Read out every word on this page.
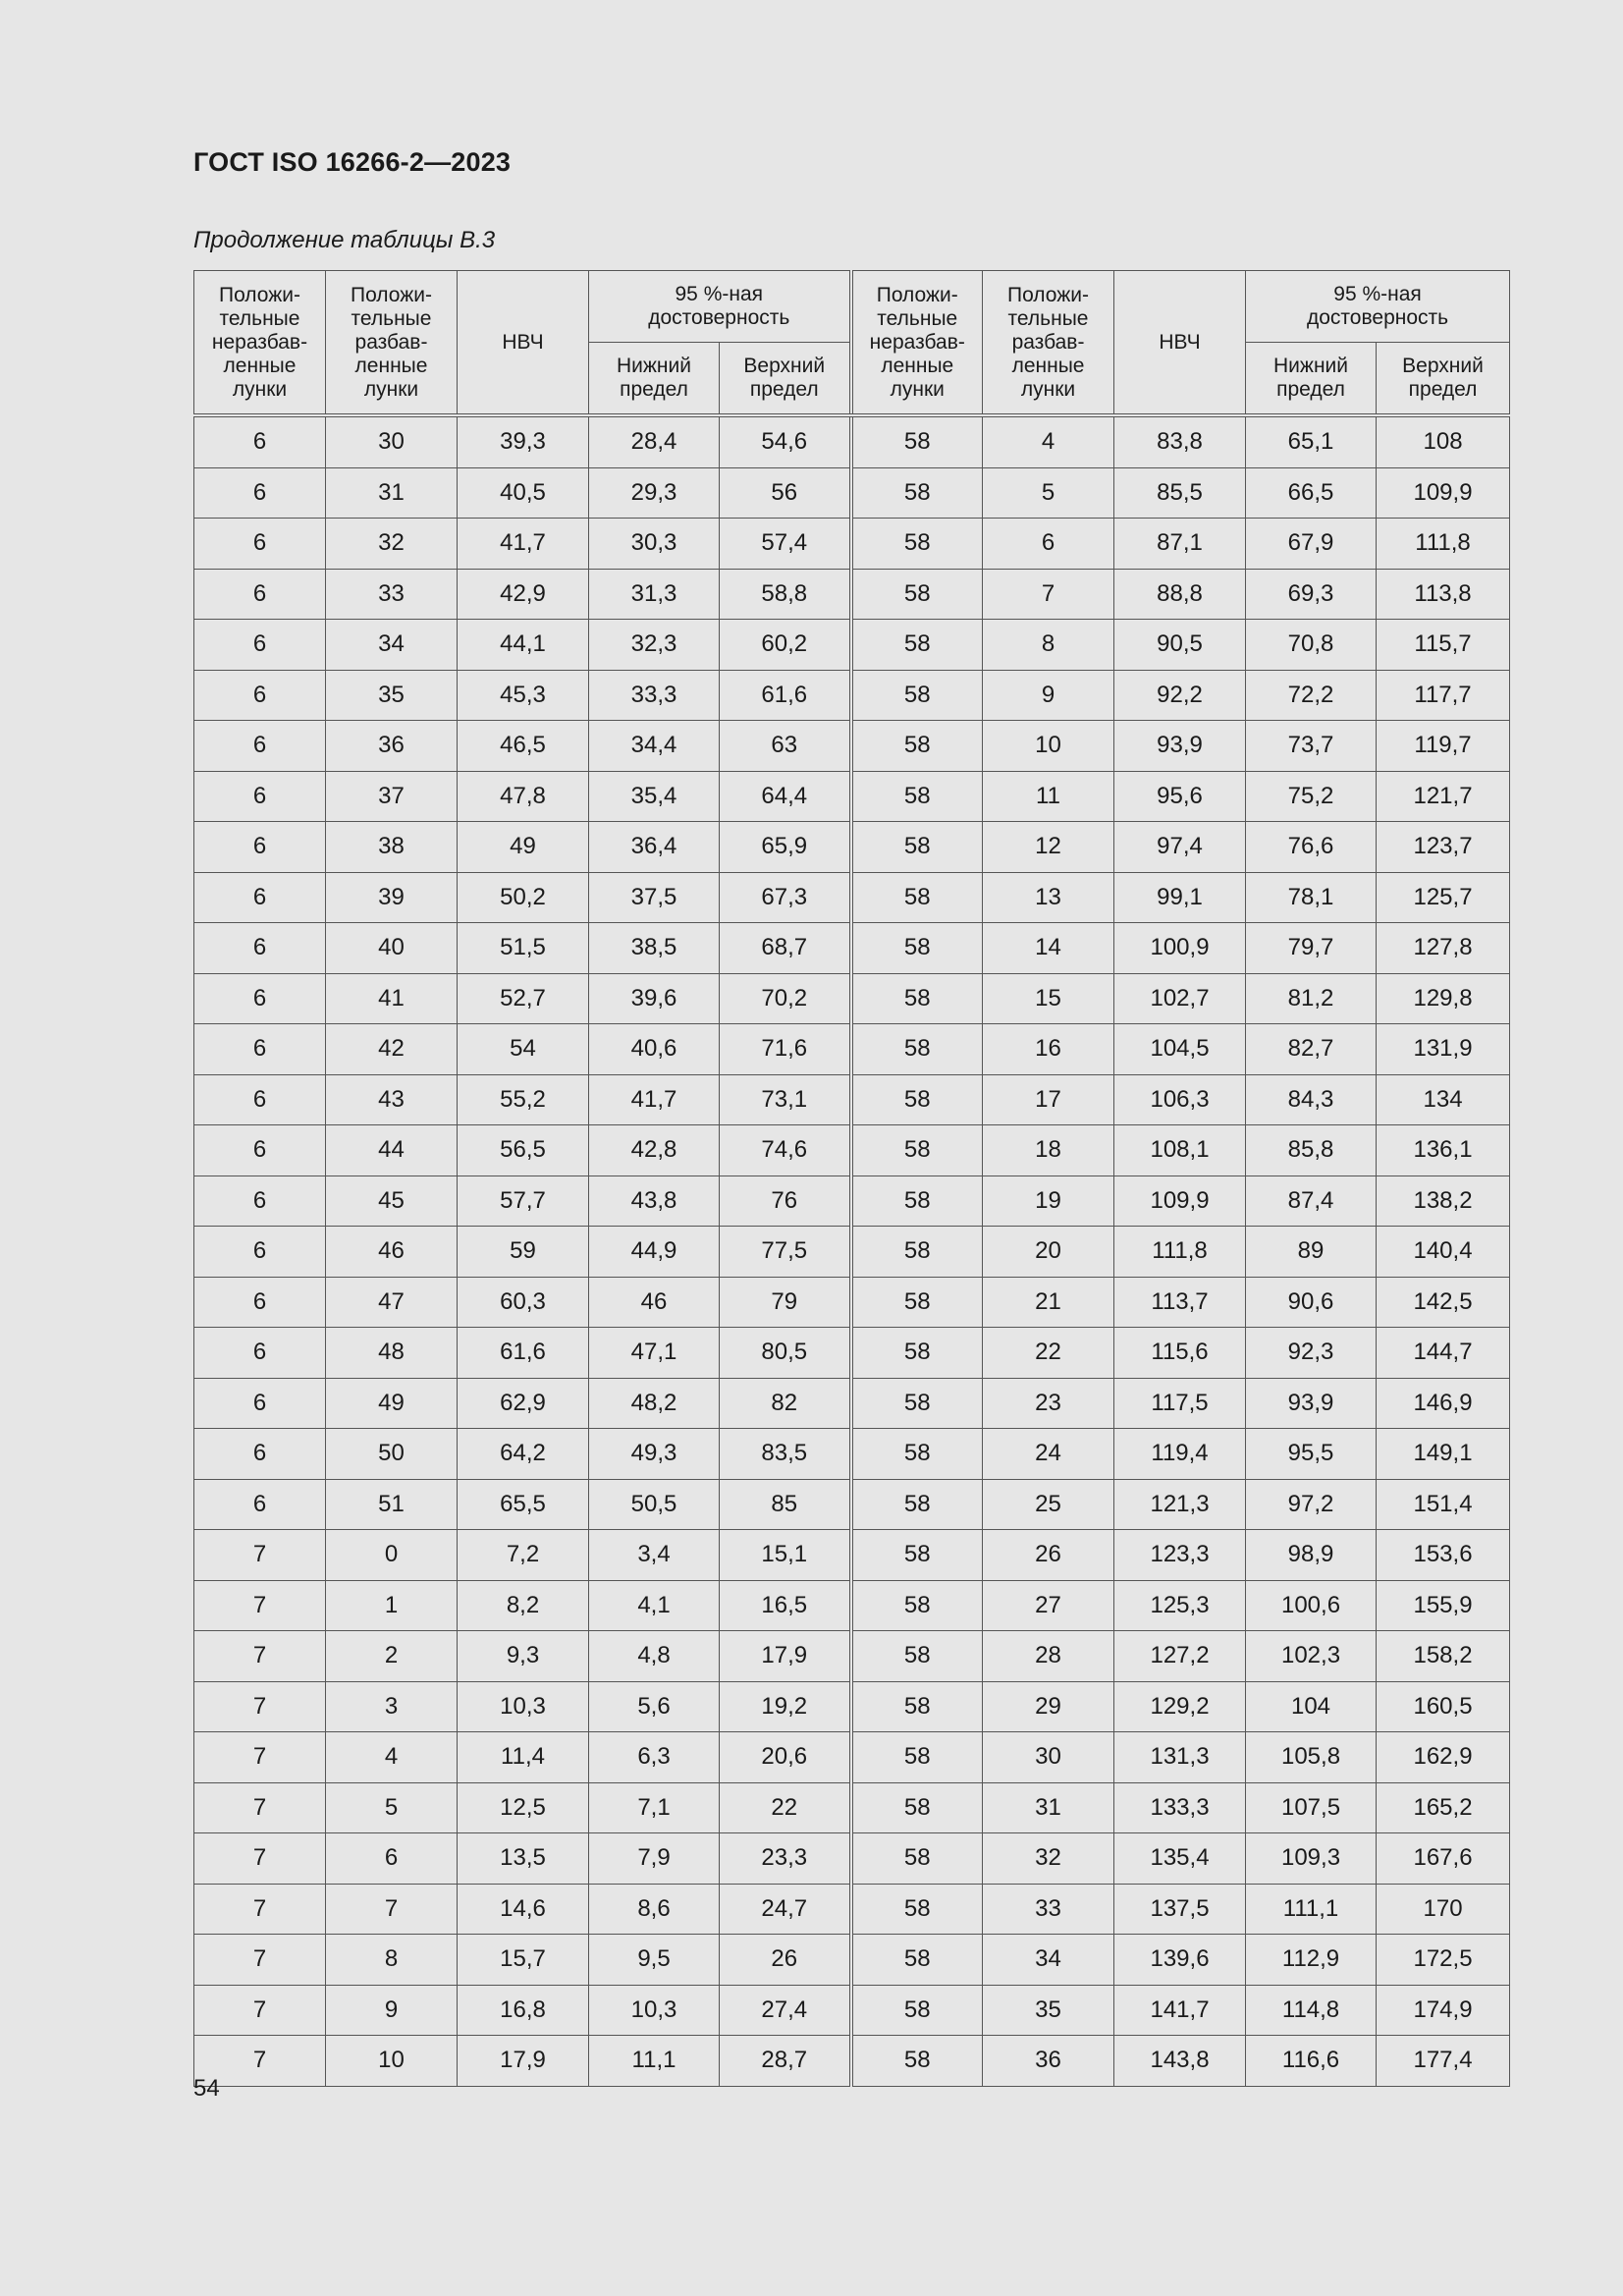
ГОСТ ISO 16266-2—2023
Продолжение таблицы В.3
Положи-
тельные
неразбав-
ленные
лунки	Положи-
тельные
разбав-
ленные
лунки	НВЧ	95 %-ная
достоверность		Положи-
тельные
неразбав-
ленные
лунки	Положи-
тельные
разбав-
ленные
лунки	НВЧ	95 %-ная
достоверность	
			Нижний
предел	Верхний
предел				Нижний
предел	Верхний
предел
6	30	39,3	28,4	54,6	58	4	83,8	65,1	108
6	31	40,5	29,3	56	58	5	85,5	66,5	109,9
6	32	41,7	30,3	57,4	58	6	87,1	67,9	111,8
6	33	42,9	31,3	58,8	58	7	88,8	69,3	113,8
6	34	44,1	32,3	60,2	58	8	90,5	70,8	115,7
6	35	45,3	33,3	61,6	58	9	92,2	72,2	117,7
6	36	46,5	34,4	63	58	10	93,9	73,7	119,7
6	37	47,8	35,4	64,4	58	11	95,6	75,2	121,7
6	38	49	36,4	65,9	58	12	97,4	76,6	123,7
6	39	50,2	37,5	67,3	58	13	99,1	78,1	125,7
6	40	51,5	38,5	68,7	58	14	100,9	79,7	127,8
6	41	52,7	39,6	70,2	58	15	102,7	81,2	129,8
6	42	54	40,6	71,6	58	16	104,5	82,7	131,9
6	43	55,2	41,7	73,1	58	17	106,3	84,3	134
6	44	56,5	42,8	74,6	58	18	108,1	85,8	136,1
6	45	57,7	43,8	76	58	19	109,9	87,4	138,2
6	46	59	44,9	77,5	58	20	111,8	89	140,4
6	47	60,3	46	79	58	21	113,7	90,6	142,5
6	48	61,6	47,1	80,5	58	22	115,6	92,3	144,7
6	49	62,9	48,2	82	58	23	117,5	93,9	146,9
6	50	64,2	49,3	83,5	58	24	119,4	95,5	149,1
6	51	65,5	50,5	85	58	25	121,3	97,2	151,4
7	0	7,2	3,4	15,1	58	26	123,3	98,9	153,6
7	1	8,2	4,1	16,5	58	27	125,3	100,6	155,9
7	2	9,3	4,8	17,9	58	28	127,2	102,3	158,2
7	3	10,3	5,6	19,2	58	29	129,2	104	160,5
7	4	11,4	6,3	20,6	58	30	131,3	105,8	162,9
7	5	12,5	7,1	22	58	31	133,3	107,5	165,2
7	6	13,5	7,9	23,3	58	32	135,4	109,3	167,6
7	7	14,6	8,6	24,7	58	33	137,5	111,1	170
7	8	15,7	9,5	26	58	34	139,6	112,9	172,5
7	9	16,8	10,3	27,4	58	35	141,7	114,8	174,9
7	10	17,9	11,1	28,7	58	36	143,8	116,6	177,4
54
